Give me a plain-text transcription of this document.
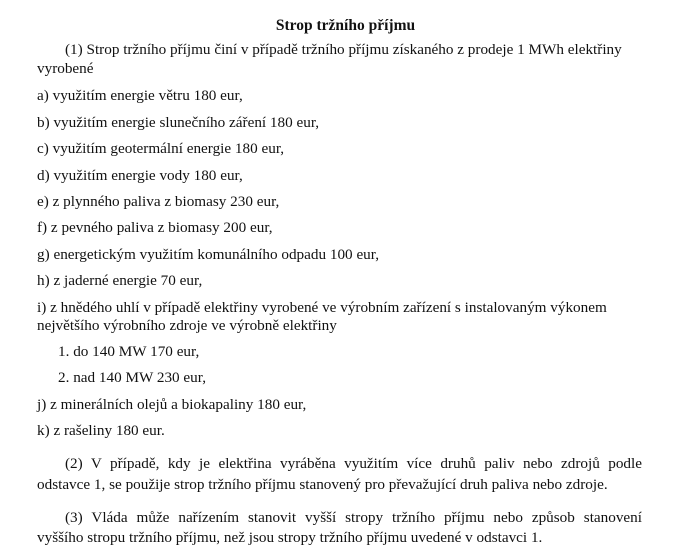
Strop tržního příjmu
(1) Strop tržního příjmu činí v případě tržního příjmu získaného z prodeje 1 MWh elektřiny
vyrobené
a) využitím energie větru 180 eur,
b) využitím energie slunečního záření 180 eur,
c) využitím geotermální energie 180 eur,
d) využitím energie vody 180 eur,
e) z plynného paliva z biomasy 230 eur,
f) z pevného paliva z biomasy 200 eur,
g) energetickým využitím komunálního odpadu 100 eur,
h) z jaderné energie 70 eur,
i) z hnědého uhlí v případě elektřiny vyrobené ve výrobním zařízení s instalovaným výkonem
největšího výrobního zdroje ve výrobně elektřiny
1. do 140 MW 170 eur,
2. nad 140 MW 230 eur,
j) z minerálních olejů a biokapaliny 180 eur,
k) z rašeliny 180 eur.
(2) V případě, kdy je elektřina vyráběna využitím více druhů paliv nebo zdrojů podle
odstavce 1, se použije strop tržního příjmu stanovený pro převažující druh paliva nebo zdroje.
(3) Vláda může nařízením stanovit vyšší stropy tržního příjmu nebo způsob stanovení
vyššího stropu tržního příjmu, než jsou stropy tržního příjmu uvedené v odstavci 1.
